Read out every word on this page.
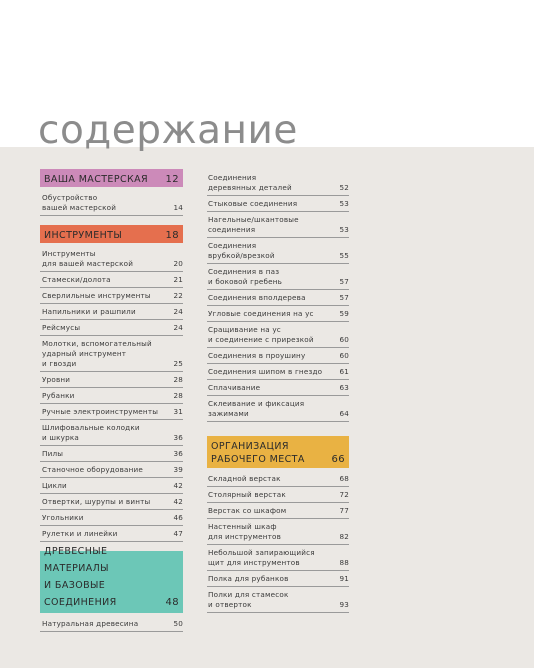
содержание
ВАША МАСТЕРСКАЯ 12
Обустройство
вашей мастерской	14
ИНСТРУМЕНТЫ	18
Инструменты
для вашей мастерской	20
Стамески/долота	21
Сверлильные инструменты	22
Напильники и рашпили	24
Рейсмусы	24
Молотки, вспомогательный
ударный инструмент
и гвозди	25
Уровни	28
Рубанки	28
Ручные электроинструменты	31
Шлифовальные колодки
и шкурка	36
Пилы	36
Станочное оборудование	39
Цикли	42
Отвертки, шурупы и винты	42
Угольники	46
Рулетки и линейки	47
ДРЕВЕСНЫЕ
МАТЕРИАЛЫ
И БАЗОВЫЕ
СОЕДИНЕНИЯ	48
Натуральная древесина	50
Соединения
деревянных деталей	52
Стыковые соединения	53
Нагельные/шкантовые
соединения	53
Соединения
врубкой/врезкой	55
Соединения в паз
и боковой гребень	57
Соединения вполдерева	57
Угловые соединения на ус	59
Сращивание на ус
и соединение с прирезкой	60
Соединения в проушину	60
Соединения шипом в гнездо	61
Сплачивание	63
Склеивание и фиксация
зажимами	64
ОРГАНИЗАЦИЯ
РАБОЧЕГО МЕСТА	66
Складной верстак	68
Столярный верстак	72
Верстак со шкафом	77
Настенный шкаф
для инструментов	82
Небольшой запирающийся
щит для инструментов	88
Полка для рубанков	91
Полки для стамесок
и отверток	93
